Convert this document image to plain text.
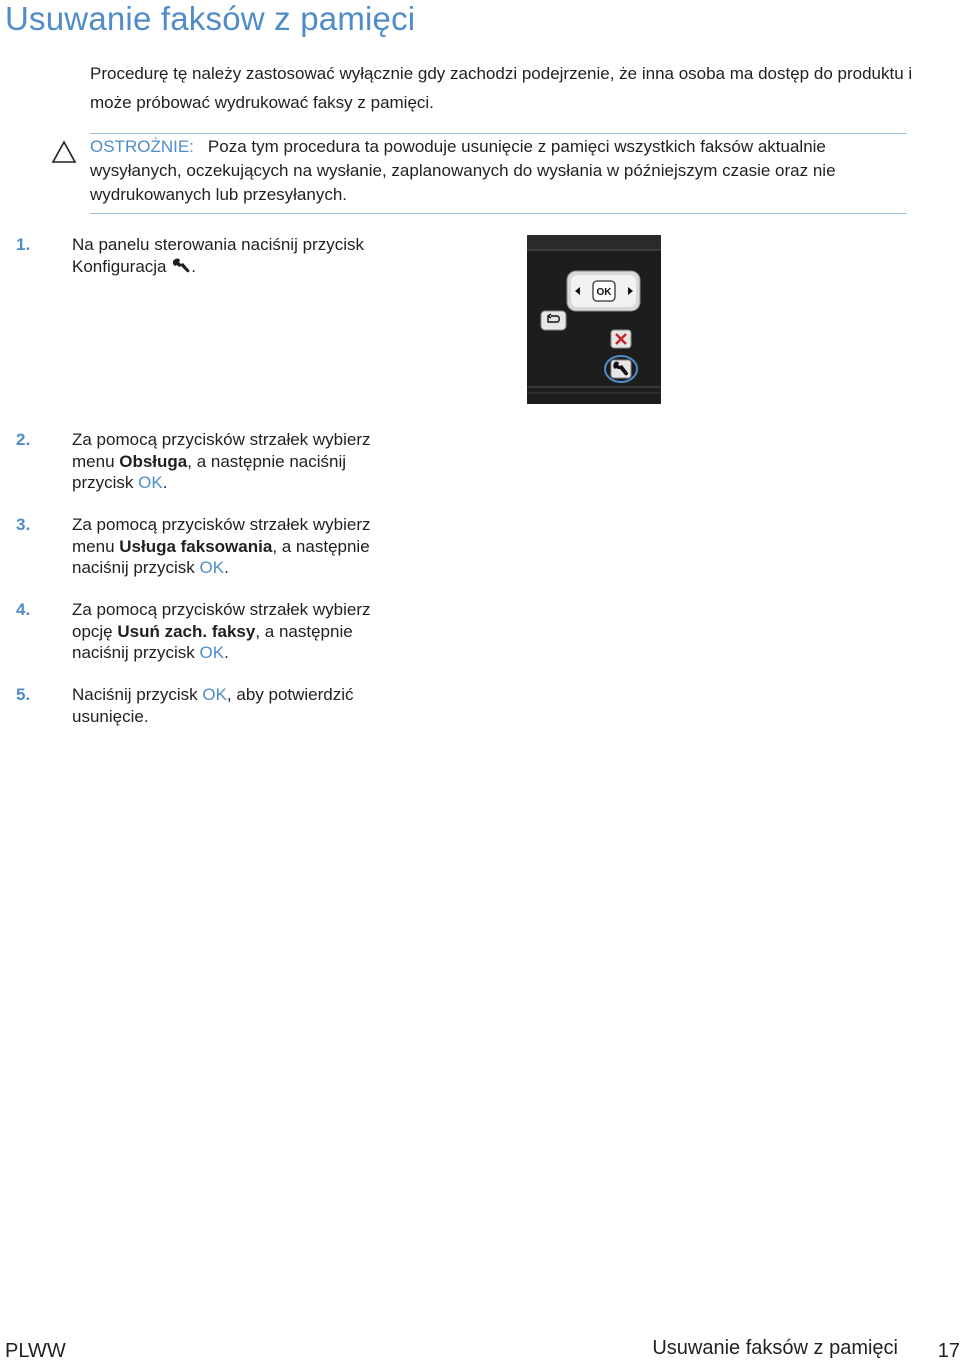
Usuwanie faksów z pamięci

Procedurę tę należy zastosować wyłącznie gdy zachodzi podejrzenie, że inna osoba ma dostęp do produktu i może próbować wydrukować faksy z pamięci.

OSTROŻNIE: Poza tym procedura ta powoduje usunięcie z pamięci wszystkich faksów aktualnie wysyłanych, oczekujących na wysłanie, zaplanowanych do wysłania w późniejszym czasie oraz nie wydrukowanych lub przesyłanych.
1.	Na panelu sterowania naciśnij przycisk Konfiguracja .
OK
2.	Za pomocą przycisków strzałek wybierz menu Obsługa, a następnie naciśnij przycisk OK.
3.	Za pomocą przycisków strzałek wybierz menu Usługa faksowania, a następnie naciśnij przycisk OK.
4.	Za pomocą przycisków strzałek wybierz opcję Usuń zach. faksy, a następnie naciśnij przycisk OK.
5.	Naciśnij przycisk OK, aby potwierdzić usunięcie.
PLWW	Usuwanie faksów z pamięci	17
